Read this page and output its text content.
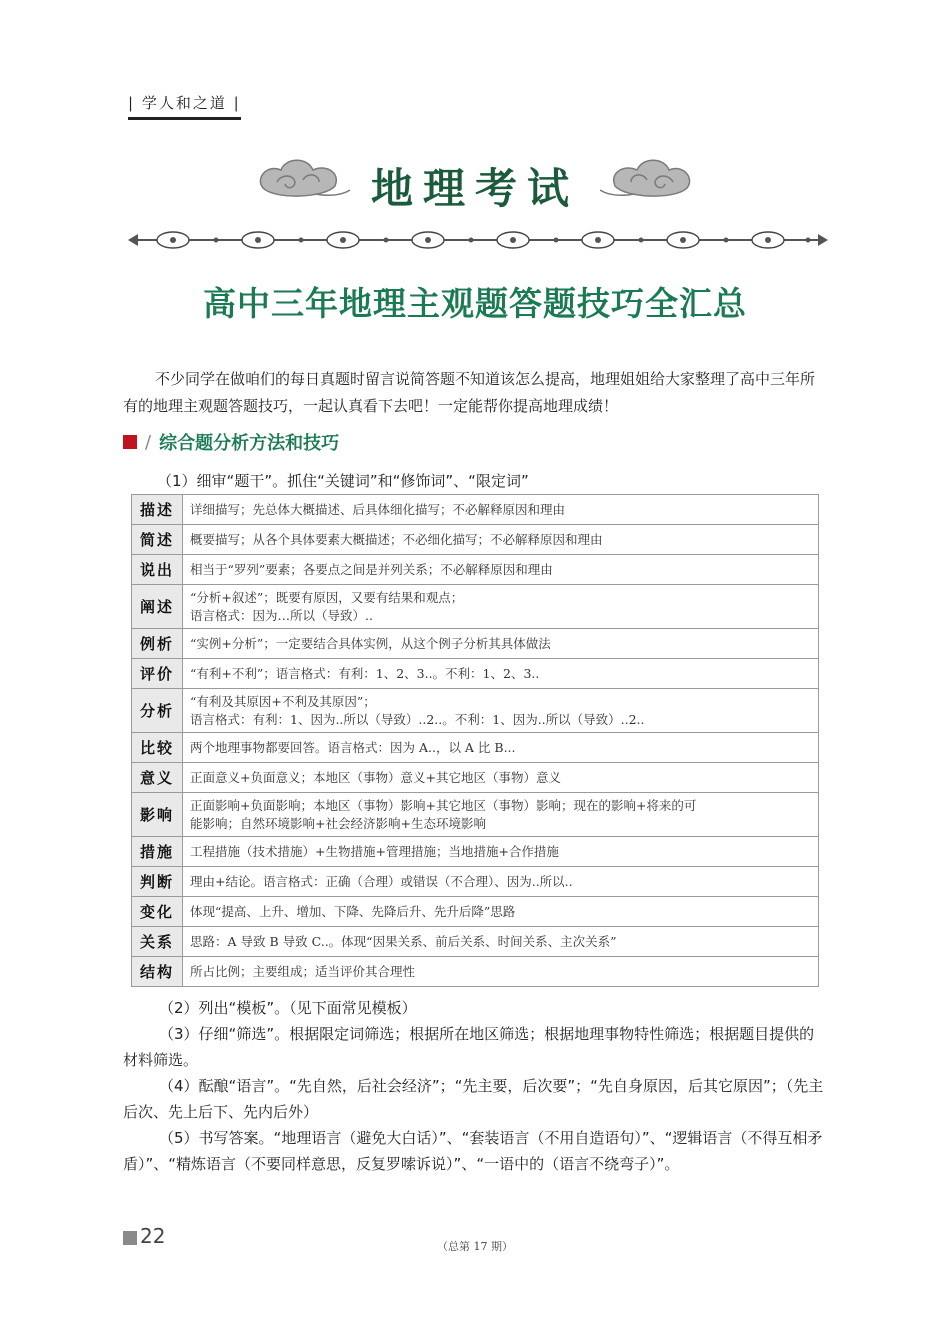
| 学人和之道 |
地理考试
高中三年地理主观题答题技巧全汇总

不少同学在做咱们的每日真题时留言说简答题不知道该怎么提高，地理姐姐给大家整理了高中三年所有的地理主观题答题技巧，一起认真看下去吧！一定能帮你提高地理成绩！

/ 综合题分析方法和技巧
（1）细审“题干”。抓住“关键词”和“修饰词”、“限定词”
描述	详细描写；先总体大概描述、后具体细化描写；不必解释原因和理由

简述	概要描写；从各个具体要素大概描述；不必细化描写；不必解释原因和理由

说出	相当于“罗列”要素；各要点之间是并列关系；不必解释原因和理由

阐述	“分析+叙述”；既要有原因，又要有结果和观点；
语言格式：因为…所以（导致）..

例析	“实例+分析”；一定要结合具体实例，从这个例子分析其具体做法

评价	“有利+不利”；语言格式：有利：1、2、3..。不利：1、2、3..

分析	“有利及其原因+不利及其原因”；
语言格式：有利：1、因为..所以（导致）..2..。不利：1、因为..所以（导致）..2..

比较	两个地理事物都要回答。语言格式：因为 A..，以 A 比 B...

意义	正面意义+负面意义；本地区（事物）意义+其它地区（事物）意义

影响	正面影响+负面影响；本地区（事物）影响+其它地区（事物）影响；现在的影响+将来的可
能影响；自然环境影响+社会经济影响+生态环境影响

措施	工程措施（技术措施）+生物措施+管理措施；当地措施+合作措施

判断	理由+结论。语言格式：正确（合理）或错误（不合理）、因为..所以..

变化	体现“提高、上升、增加、下降、先降后升、先升后降”思路

关系	思路：A 导致 B 导致 C..。体现“因果关系、前后关系、时间关系、主次关系”

结构	所占比例；主要组成；适当评价其合理性
（2）列出“模板”。（见下面常见模板）
（3）仔细“筛选”。根据限定词筛选；根据所在地区筛选；根据地理事物特性筛选；根据题目提供的材料筛选。
（4）酝酿“语言”。“先自然，后社会经济”；“先主要，后次要”；“先自身原因，后其它原因”；（先主后次、先上后下、先内后外）
（5）书写答案。“地理语言（避免大白话）”、“套装语言（不用自造语句）”、“逻辑语言（不得互相矛盾）”、“精炼语言（不要同样意思，反复罗嗦诉说）”、“一语中的（语言不绕弯子）”。
22	（总第 17 期）
